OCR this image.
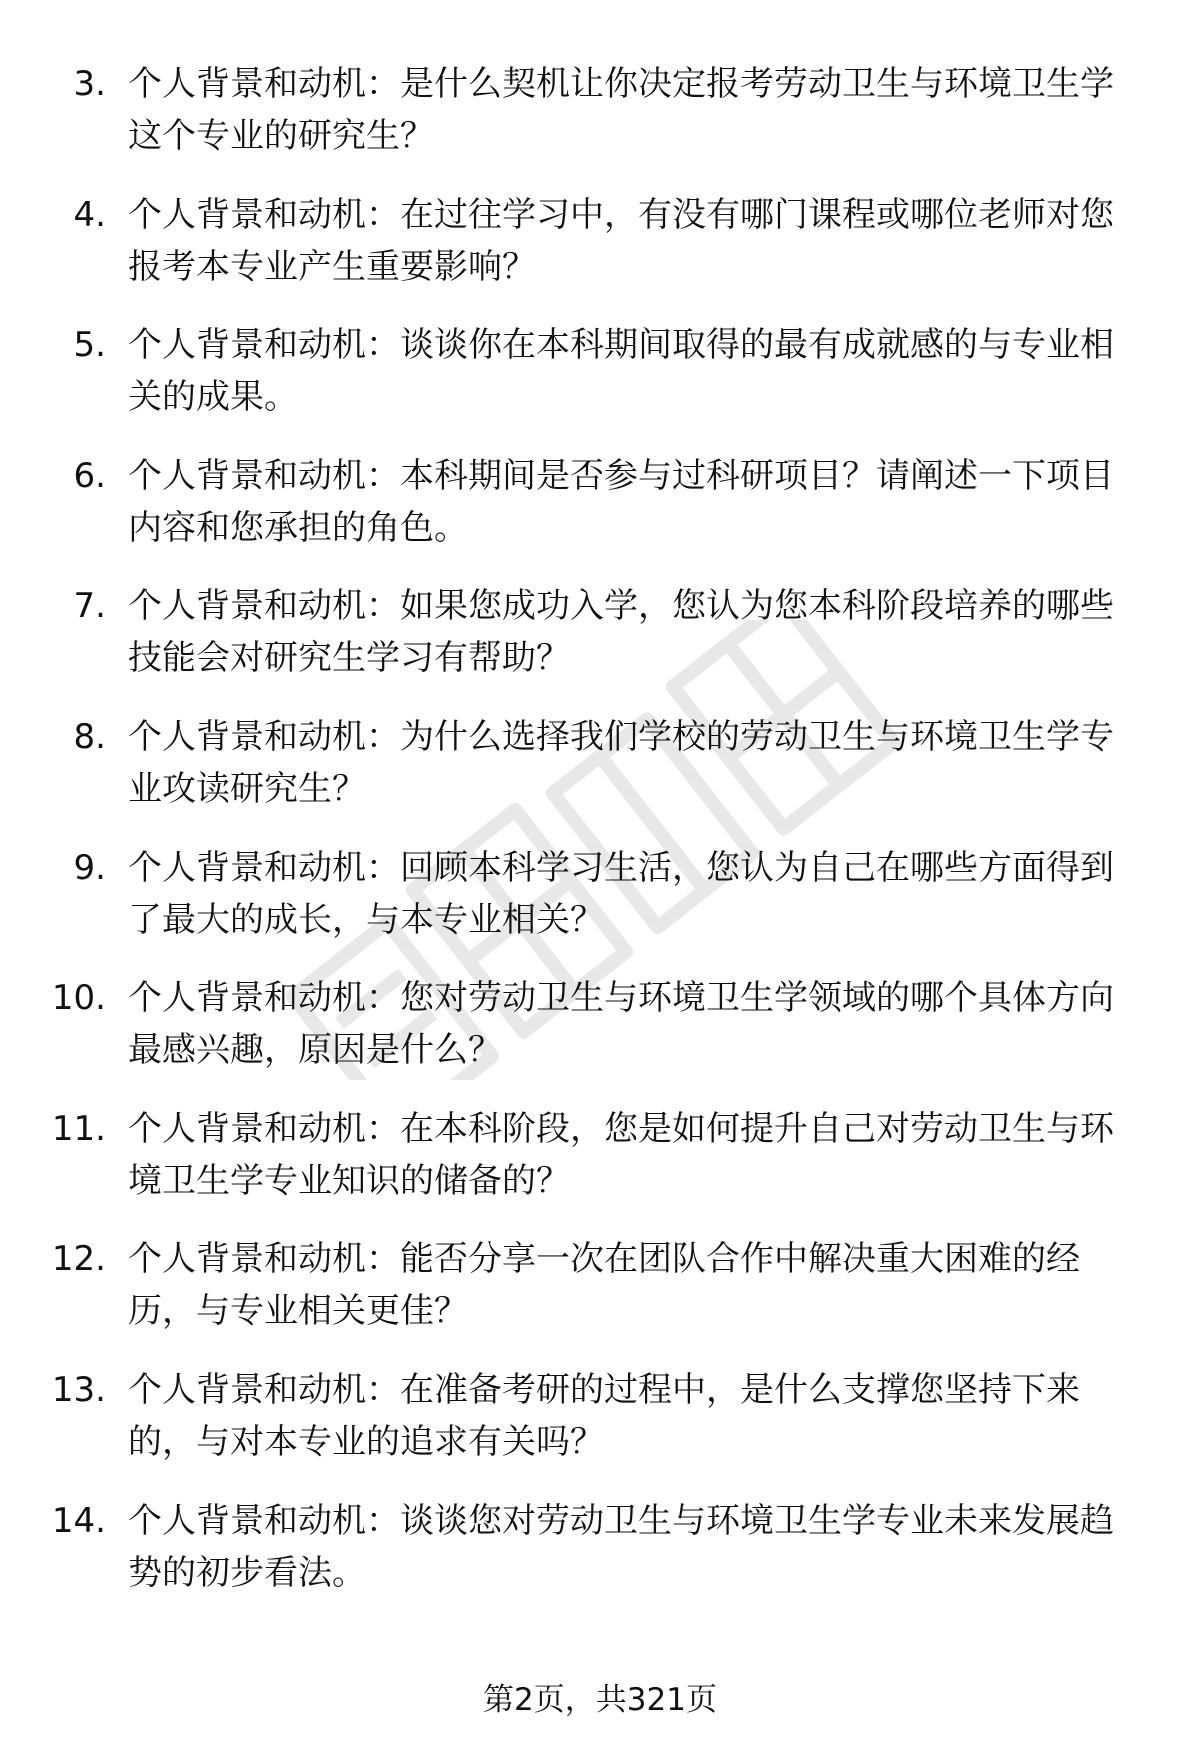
3. 个人背景和动机：是什么契机让你决定报考劳动卫生与环境卫生学这个专业的研究生？
4. 个人背景和动机：在过往学习中，有没有哪门课程或哪位老师对您报考本专业产生重要影响？
5. 个人背景和动机：谈谈你在本科期间取得的最有成就感的与专业相关的成果。
6. 个人背景和动机：本科期间是否参与过科研项目？请阐述一下项目内容和您承担的角色。
7. 个人背景和动机：如果您成功入学，您认为您本科阶段培养的哪些技能会对研究生学习有帮助？
8. 个人背景和动机：为什么选择我们学校的劳动卫生与环境卫生学专业攻读研究生？
9. 个人背景和动机：回顾本科学习生活，您认为自己在哪些方面得到了最大的成长，与本专业相关？
10. 个人背景和动机：您对劳动卫生与环境卫生学领域的哪个具体方向最感兴趣，原因是什么？
11. 个人背景和动机：在本科阶段，您是如何提升自己对劳动卫生与环境卫生学专业知识的储备的？
12. 个人背景和动机：能否分享一次在团队合作中解决重大困难的经历，与专业相关更佳？
13. 个人背景和动机：在准备考研的过程中，是什么支撑您坚持下来的，与对本专业的追求有关吗？
14. 个人背景和动机：谈谈您对劳动卫生与环境卫生学专业未来发展趋势的初步看法。
第2页，共321页
